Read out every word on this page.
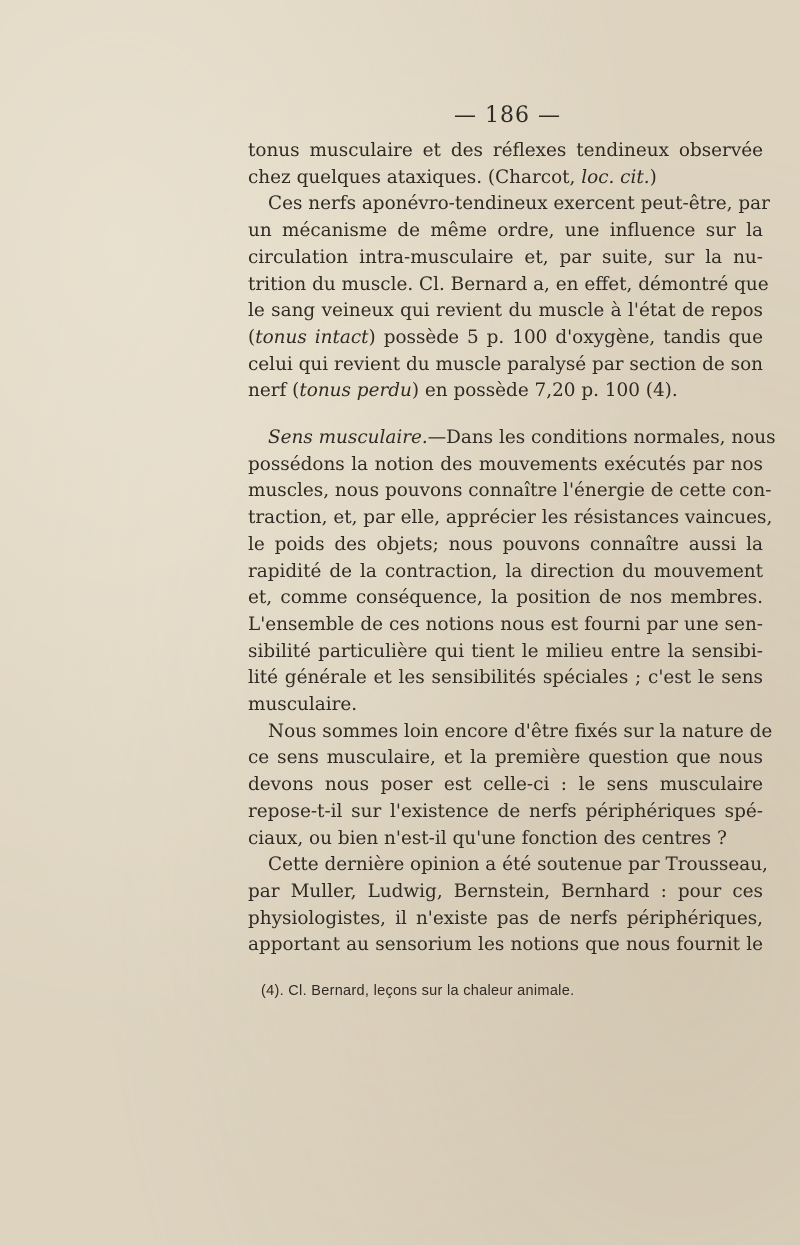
— 186 —
tonus musculaire et des réflexes tendineux observée
chez quelques ataxiques. (Charcot, loc. cit.)
Ces nerfs aponévro-tendineux exercent peut-être, par
un mécanisme de même ordre, une influence sur la
circulation intra-musculaire et, par suite, sur la nu-
trition du muscle. Cl. Bernard a, en effet, démontré que
le sang veineux qui revient du muscle à l'état de repos
(tonus intact) possède 5 p. 100 d'oxygène, tandis que
celui qui revient du muscle paralysé par section de son
nerf (tonus perdu) en possède 7,20 p. 100 (4).
Sens musculaire.—Dans les conditions normales, nous
possédons la notion des mouvements exécutés par nos
muscles, nous pouvons connaître l'énergie de cette con-
traction, et, par elle, apprécier les résistances vaincues,
le poids des objets; nous pouvons connaître aussi la
rapidité de la contraction, la direction du mouvement
et, comme conséquence, la position de nos membres.
L'ensemble de ces notions nous est fourni par une sen-
sibilité particulière qui tient le milieu entre la sensibi-
lité générale et les sensibilités spéciales ; c'est le sens
musculaire.
Nous sommes loin encore d'être fixés sur la nature de
ce sens musculaire, et la première question que nous
devons nous poser est celle-ci : le sens musculaire
repose-t-il sur l'existence de nerfs périphériques spé-
ciaux, ou bien n'est-il qu'une fonction des centres ?
Cette dernière opinion a été soutenue par Trousseau,
par Muller, Ludwig, Bernstein, Bernhard : pour ces
physiologistes, il n'existe pas de nerfs périphériques,
apportant au sensorium les notions que nous fournit le
(4). Cl. Bernard, leçons sur la chaleur animale.
